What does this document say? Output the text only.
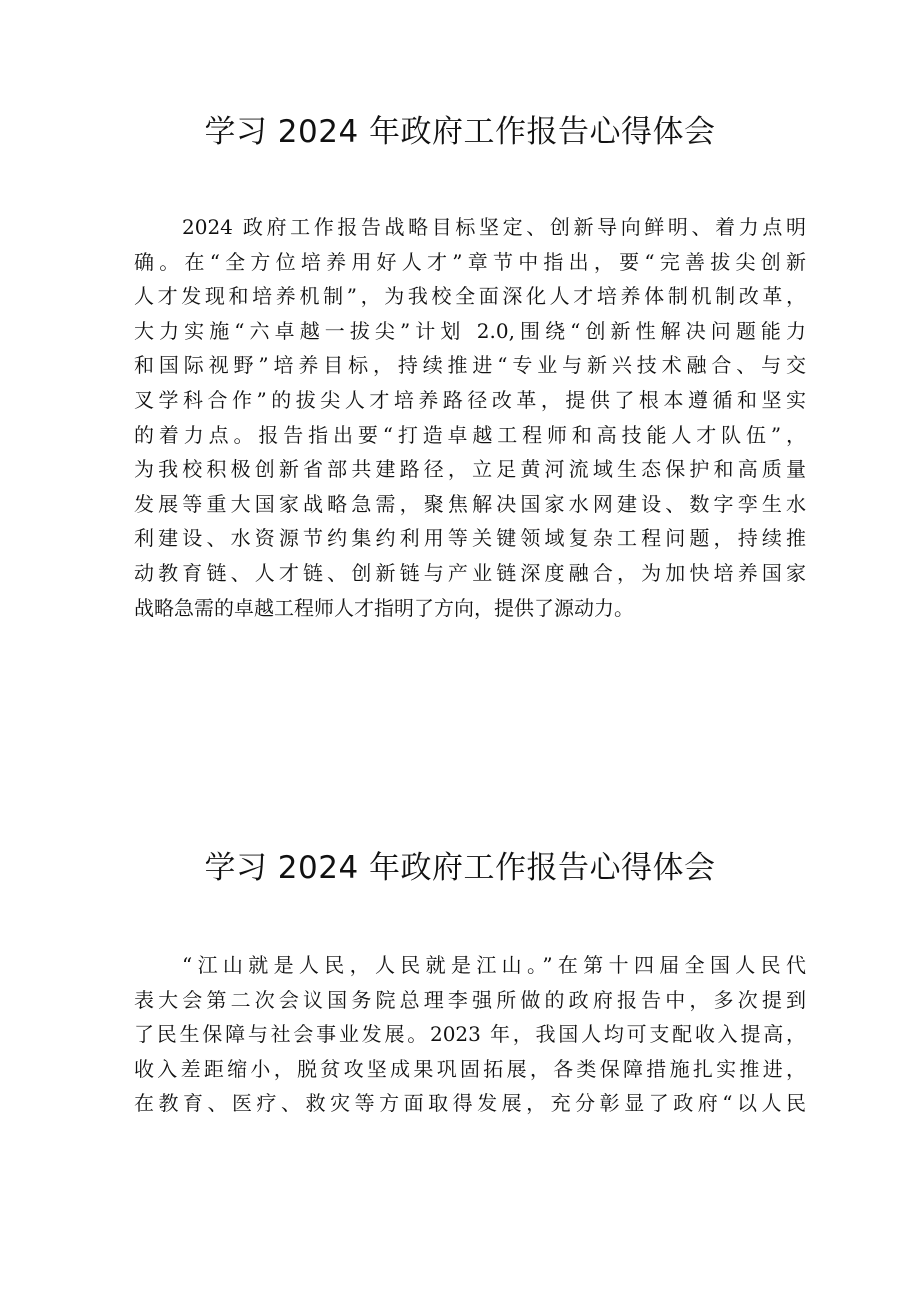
学习 2024 年政府工作报告心得体会
2024 政府工作报告战略目标坚定、创新导向鲜明、着力点明
确。在“全方位培养用好人才”章节中指出，要“完善拔尖创新
人才发现和培养机制”，为我校全面深化人才培养体制机制改革，
大力实施“六卓越一拔尖”计划 2.0,围绕“创新性解决问题能力
和国际视野”培养目标，持续推进“专业与新兴技术融合、与交
叉学科合作”的拔尖人才培养路径改革，提供了根本遵循和坚实
的着力点。报告指出要“打造卓越工程师和高技能人才队伍”，
为我校积极创新省部共建路径，立足黄河流域生态保护和高质量
发展等重大国家战略急需，聚焦解决国家水网建设、数字孪生水
利建设、水资源节约集约利用等关键领域复杂工程问题，持续推
动教育链、人才链、创新链与产业链深度融合，为加快培养国家
战略急需的卓越工程师人才指明了方向，提供了源动力。
学习 2024 年政府工作报告心得体会
“江山就是人民，人民就是江山。”在第十四届全国人民代
表大会第二次会议国务院总理李强所做的政府报告中，多次提到
了民生保障与社会事业发展。2023 年，我国人均可支配收入提高，
收入差距缩小，脱贫攻坚成果巩固拓展，各类保障措施扎实推进，
在教育、医疗、救灾等方面取得发展，充分彰显了政府“以人民
